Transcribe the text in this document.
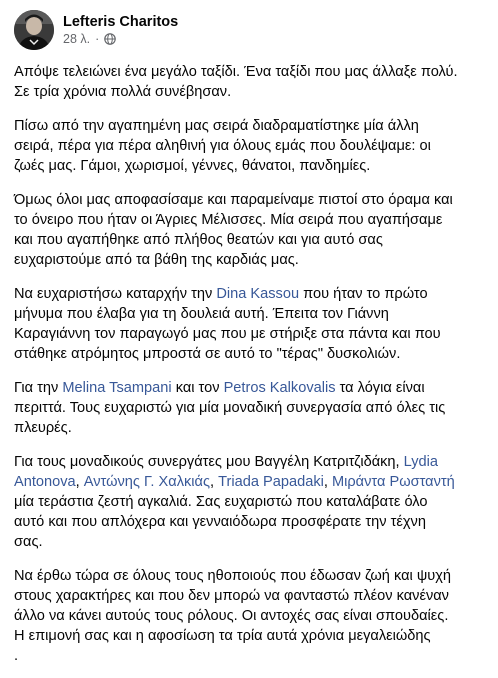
Lefteris Charitos
28 λ. ·
Απόψε τελειώνει ένα μεγάλο ταξίδι. Ένα ταξίδι που μας άλλαξε πολύ.
Σε τρία χρόνια πολλά συνέβησαν.
Πίσω από την αγαπημένη μας σειρά διαδραματίστηκε μία άλλη
σειρά, πέρα για πέρα αληθινή για όλους εμάς που δουλέψαμε: οι
ζωές μας. Γάμοι, χωρισμοί, γέννες, θάνατοι, πανδημίες.
Όμως όλοι μας αποφασίσαμε και παραμείναμε πιστοί στο όραμα και
το όνειρο που ήταν οι Άγριες Μέλισσες. Μία σειρά που αγαπήσαμε
και που αγαπήθηκε από πλήθος θεατών και για αυτό σας
ευχαριστούμε από τα βάθη της καρδιάς μας.
Να ευχαριστήσω καταρχήν την Dina Kassou που ήταν το πρώτο
μήνυμα που έλαβα για τη δουλειά αυτή. Έπειτα τον Γιάννη
Καραγιάννη τον παραγωγό μας που με στήριξε στα πάντα και που
στάθηκε ατρόμητος μπροστά σε αυτό το "τέρας" δυσκολιών.
Για την Melina Tsampani και τον Petros Kalkovalis τα λόγια είναι
περιττά. Τους ευχαριστώ για μία μοναδική συνεργασία από όλες τις
πλευρές.
Για τους μοναδικούς συνεργάτες μου Βαγγέλη Κατριτζιδάκη, Lydia
Antonova, Αντώνης Γ. Χαλκιάς, Triada Papadaki, Μιράντα Ρωσταντή
μία τεράστια ζεστή αγκαλιά. Σας ευχαριστώ που καταλάβατε όλο
αυτό και που απλόχερα και γενναιόδωρα προσφέρατε την τέχνη
σας.
Να έρθω τώρα σε όλους τους ηθοποιούς που έδωσαν ζωή και ψυχή
στους χαρακτήρες και που δεν μπορώ να φανταστώ πλέον κανέναν
άλλο να κάνει αυτούς τους ρόλους. Οι αντοχές σας είναι σπουδαίες.
Η επιμονή σας και η αφοσίωση τα τρία αυτά χρόνια μεγαλειώδης
.
